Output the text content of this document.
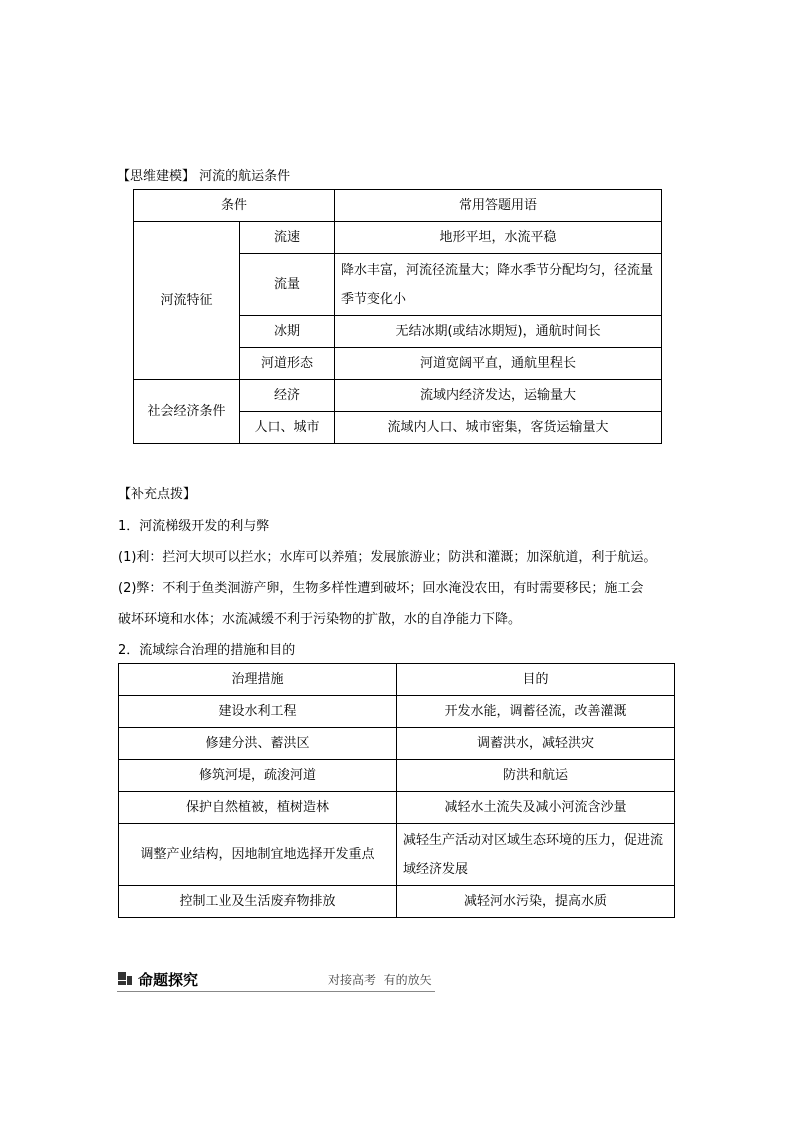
【思维建模】 河流的航运条件
条件		常用答题用语
河流特征	流速	地形平坦，水流平稳
	流量	降水丰富，河流径流量大；降水季节分配均匀，径流量季节变化小
	冰期	无结冰期(或结冰期短)，通航时间长
	河道形态	河道宽阔平直，通航里程长
社会经济条件	经济	流域内经济发达，运输量大
	人口、城市	流域内人口、城市密集，客货运输量大
【补充点拨】
1．河流梯级开发的利与弊
(1)利：拦河大坝可以拦水；水库可以养殖；发展旅游业；防洪和灌溉；加深航道，利于航运。
(2)弊：不利于鱼类洄游产卵，生物多样性遭到破坏；回水淹没农田，有时需要移民；施工会
破坏环境和水体；水流减缓不利于污染物的扩散，水的自净能力下降。
2．流域综合治理的措施和目的
治理措施	目的
建设水利工程	开发水能，调蓄径流，改善灌溉
修建分洪、蓄洪区	调蓄洪水，减轻洪灾
修筑河堤，疏浚河道	防洪和航运
保护自然植被，植树造林	减轻水土流失及减小河流含沙量
调整产业结构，因地制宜地选择开发重点	减轻生产活动对区域生态环境的压力，促进流域经济发展
控制工业及生活废弃物排放	减轻河水污染，提高水质
命题探究	对接高考  有的放矢
